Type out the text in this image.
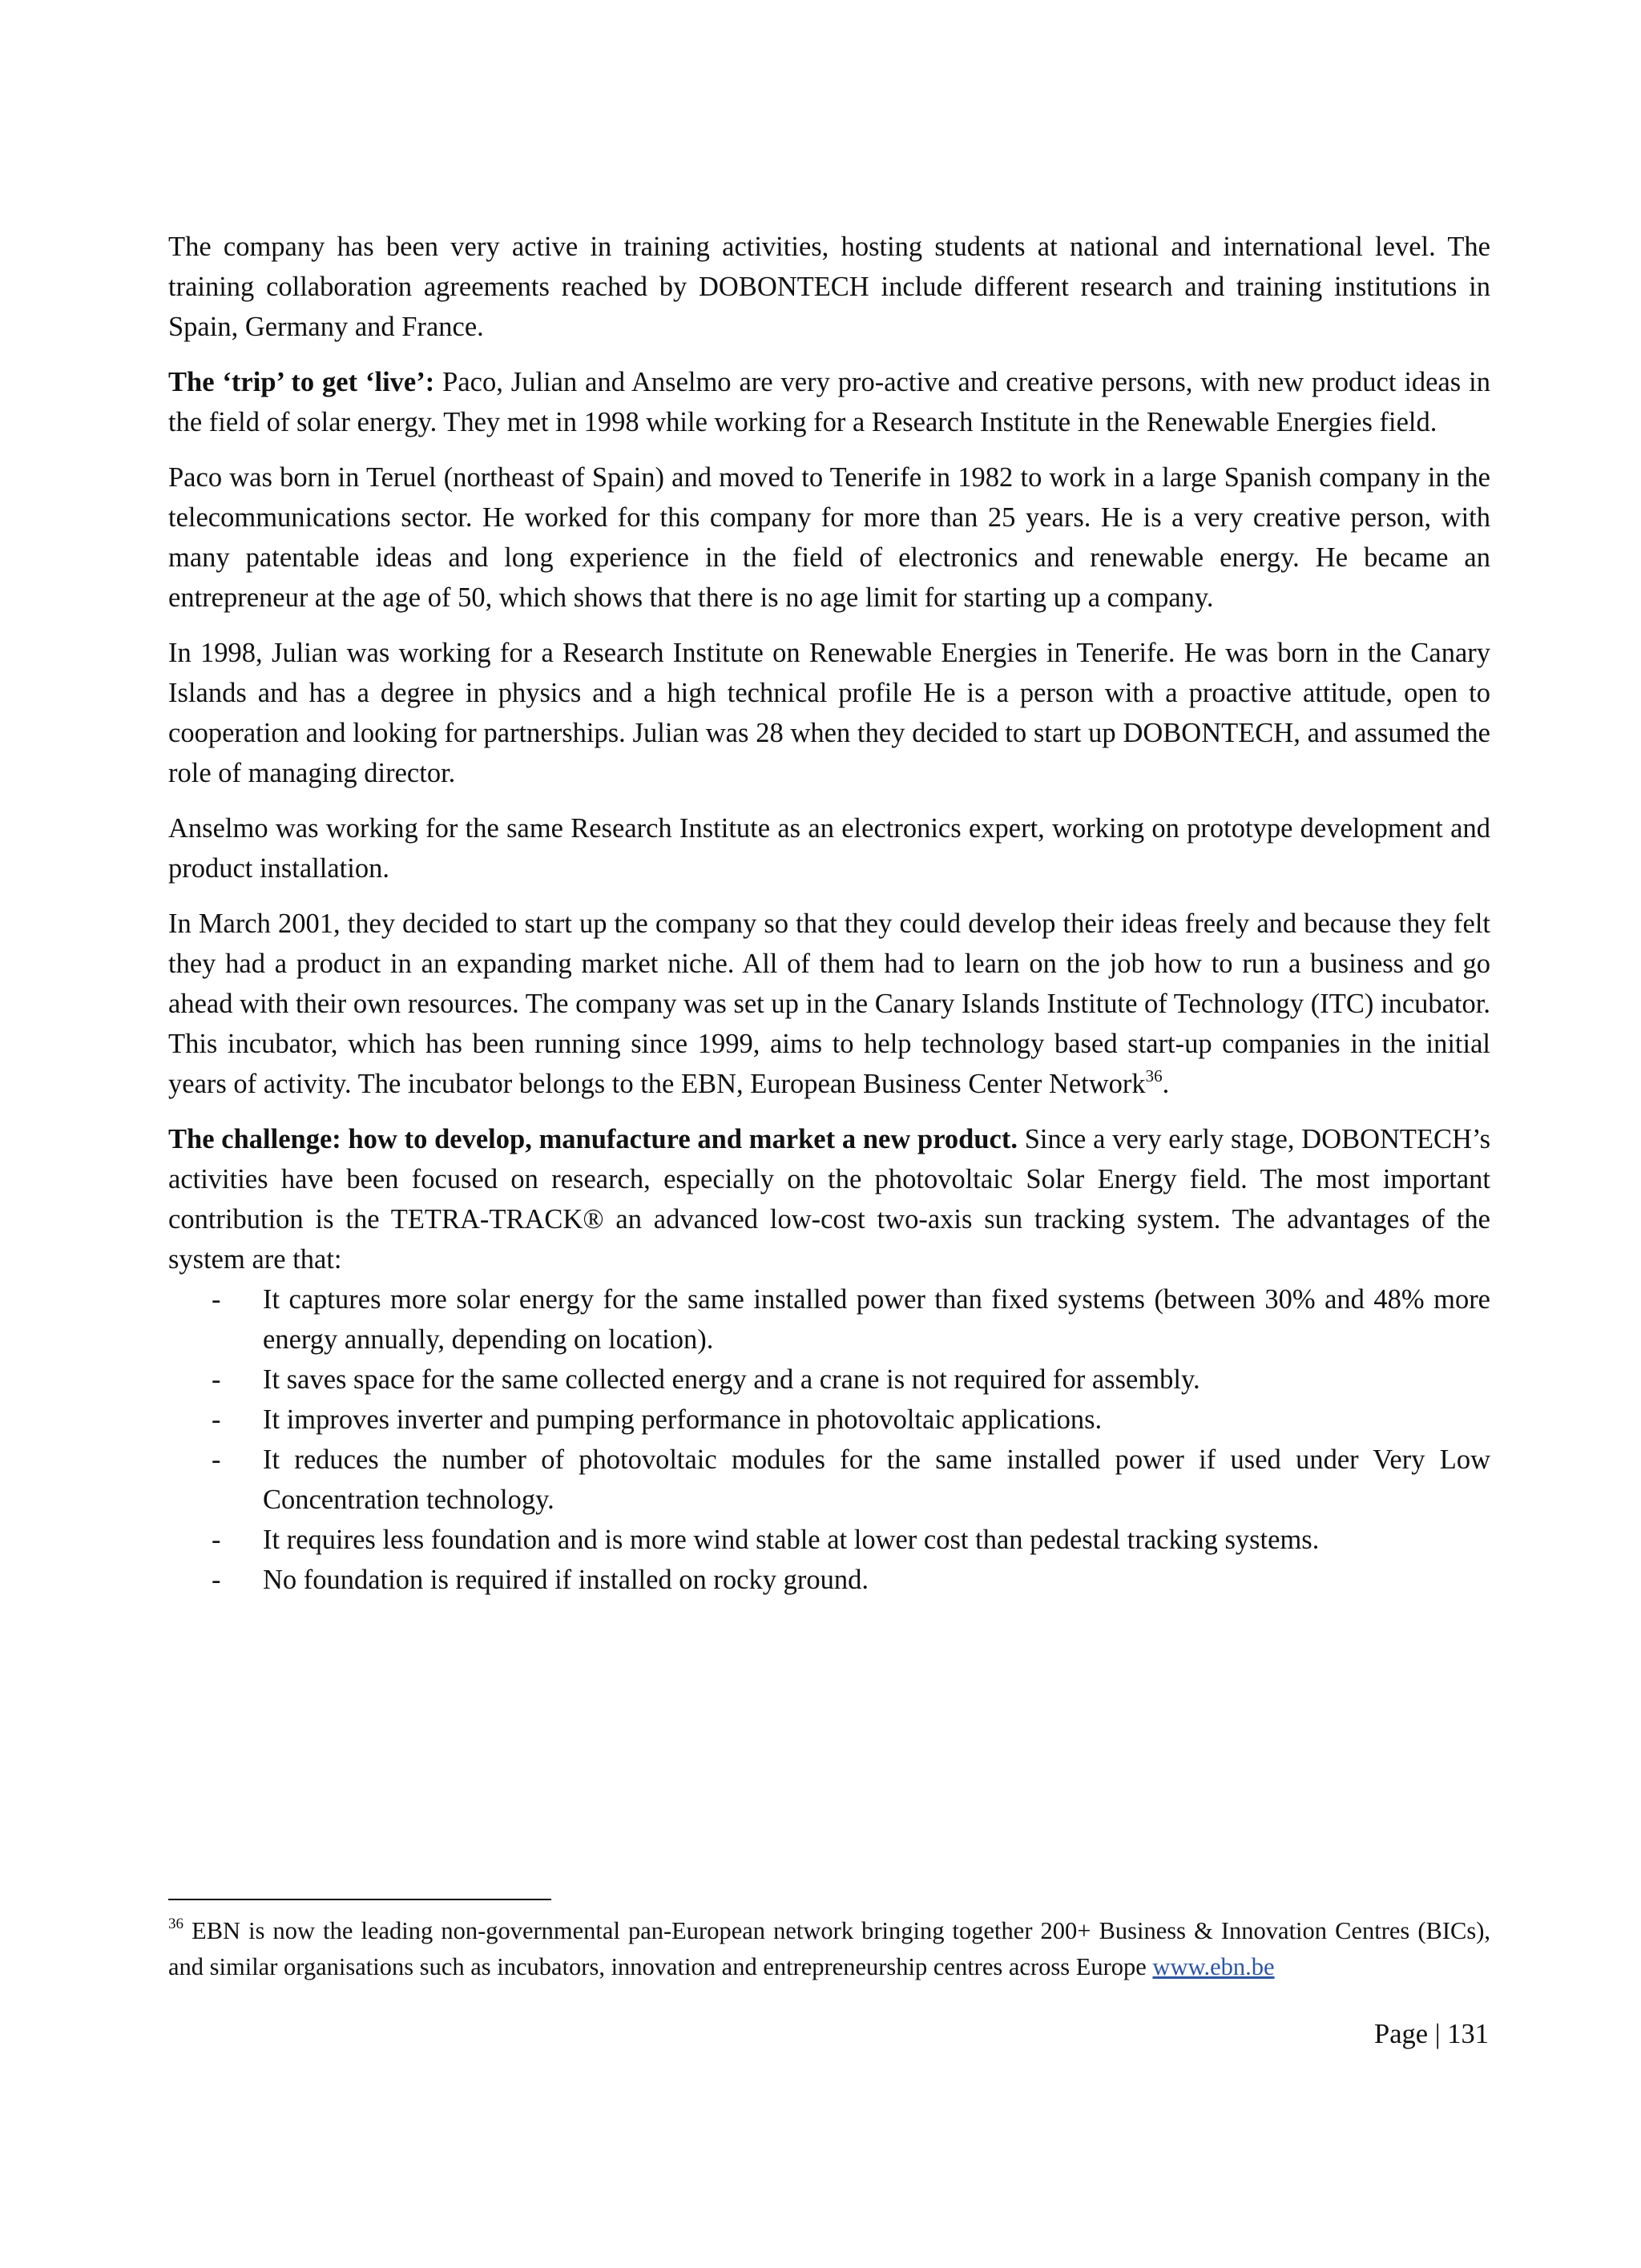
The company has been very active in training activities, hosting students at national and international level. The training collaboration agreements reached by DOBONTECH include different research and training institutions in Spain, Germany and France.

The ‘trip’ to get ‘live’: Paco, Julian and Anselmo are very pro-active and creative persons, with new product ideas in the field of solar energy. They met in 1998 while working for a Research Institute in the Renewable Energies field.

Paco was born in Teruel (northeast of Spain) and moved to Tenerife in 1982 to work in a large Spanish company in the telecommunications sector. He worked for this company for more than 25 years. He is a very creative person, with many patentable ideas and long experience in the field of electronics and renewable energy. He became an entrepreneur at the age of 50, which shows that there is no age limit for starting up a company.

In 1998, Julian was working for a Research Institute on Renewable Energies in Tenerife. He was born in the Canary Islands and has a degree in physics and a high technical profile He is a person with a proactive attitude, open to cooperation and looking for partnerships. Julian was 28 when they decided to start up DOBONTECH, and assumed the role of managing director.

Anselmo was working for the same Research Institute as an electronics expert, working on prototype development and product installation.

In March 2001, they decided to start up the company so that they could develop their ideas freely and because they felt they had a product in an expanding market niche. All of them had to learn on the job how to run a business and go ahead with their own resources. The company was set up in the Canary Islands Institute of Technology (ITC) incubator. This incubator, which has been running since 1999, aims to help technology based start-up companies in the initial years of activity. The incubator belongs to the EBN, European Business Center Network$^{36}$.

The challenge: how to develop, manufacture and market a new product. Since a very early stage, DOBONTECH’s activities have been focused on research, especially on the photovoltaic Solar Energy field. The most important contribution is the TETRA-TRACK® an advanced low-cost two-axis sun tracking system. The advantages of the system are that:

- It captures more solar energy for the same installed power than fixed systems (between 30% and 48% more energy annually, depending on location).
- It saves space for the same collected energy and a crane is not required for assembly.
- It improves inverter and pumping performance in photovoltaic applications.
- It reduces the number of photovoltaic modules for the same installed power if used under Very Low Concentration technology.
- It requires less foundation and is more wind stable at lower cost than pedestal tracking systems.
- No foundation is required if installed on rocky ground.
$^{36}$ EBN is now the leading non-governmental pan-European network bringing together 200+ Business & Innovation Centres (BICs), and similar organisations such as incubators, innovation and entrepreneurship centres across Europe www.ebn.be
Page | 131
